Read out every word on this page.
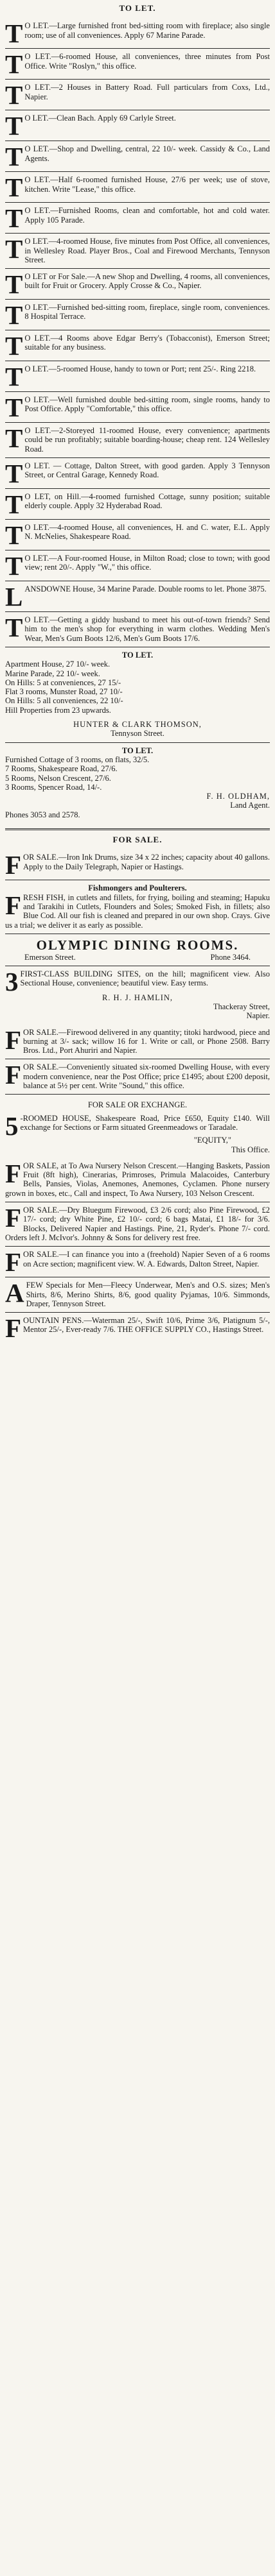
TO LET.
T O LET.—Large furnished front bed-sitting room with fireplace; also single room; use of all conveniences. Apply 67 Marine Parade.
T O LET.—6-roomed House, all conveniences, three minutes from Post Office. Write "Roslyn," this office.
T O LET.—2 Houses in Battery Road. Full particulars from Coxs, Ltd., Napier.
T O LET.—Clean Bach. Apply 69 Carlyle Street.
T O LET.—Shop and Dwelling, central, 22 10/- week. Cassidy & Co., Land Agents.
T O LET.—Half 6-roomed furnished House, 27/6 per week; use of stove, kitchen. Write "Lease," this office.
T O LET.—Furnished Rooms, clean and comfortable, hot and cold water. Apply 105 Parade.
T O LET.—4-roomed House, five minutes from Post Office, all conveniences, in Wellesley Road. Player Bros., Coal and Firewood Merchants, Tennyson Street.
T O LET or For Sale.—A new Shop and Dwelling, 4 rooms, all conveniences, built for Fruit or Grocery. Apply Crosse & Co., Napier.
T O LET.—Furnished bed-sitting room, fireplace, single room, conveniences. 8 Hospital Terrace.
T O LET.—4 Rooms above Edgar Berry's (Tobacconist), Emerson Street; suitable for any business.
T O LET.—5-roomed House, handy to town or Port; rent 25/-. Ring 2218.
T O LET.—Well furnished double bed-sitting room, single rooms, handy to Post Office. Apply "Comfortable," this office.
T O LET.—2-Storeyed 11-roomed House, every convenience; apartments could be run profitably; suitable boarding-house; cheap rent. 124 Wellesley Road.
T O LET. — Cottage, Dalton Street, with good garden. Apply 3 Tennyson Street, or Central Garage, Kennedy Road.
T O LET, on Hill.—4-roomed furnished Cottage, sunny position; suitable elderly couple. Apply 32 Hyderabad Road.
T O LET.—4-roomed House, all conveniences, H. and C. water, E.L. Apply N. McNelies, Shakespeare Road.
T O LET.—A Four-roomed House, in Milton Road; close to town; with good view; rent 20/-. Apply "W.," this office.
LANSDOWNE House, 34 Marine Parade. Double rooms to let. Phone 3875.
T O LET.—Getting a giddy husband to meet his out-of-town friends? Send him to the men's shop for everything in warm clothes. Wedding Men's Wear, Men's Gum Boots 12/6, Men's Gum Boots 17/6.
TO LET.
Apartment House, 27 10/- week.
Marine Parade, 22 10/- week.
On Hills: 5 at conveniences, 27 15/-
Flat 3 rooms, Munster Road, 27 10/-
On Hills: 5 all conveniences, 22 10/-
Hill Properties from 23 upwards.
HUNTER & CLARK THOMSON,
Tennyson Street.
TO LET.
Furnished Cottage of 3 rooms, on flats, 32/5.
7 Rooms, Shakespeare Road, 27/6.
5 Rooms, Nelson Crescent, 27/6.
3 Rooms, Spencer Road, 14/-.
F. H. OLDHAM,
Land Agent.
Phones 3053 and 2578.
FOR SALE.
FOR SALE.—Iron Ink Drums, size 34 x 22 inches; capacity about 40 gallons. Apply to the Daily Telegraph, Napier or Hastings.
Fishmongers and Poulterers.
F RESH FISH, in cutlets and fillets, for frying, boiling and steaming; Hapuku and Tarakihi in Cutlets, Flounders and Soles; Smoked Fish, in fillets; also Blue Cod. All our fish is cleaned and prepared in our own shop. Crays. Give us a trial; we deliver it as early as possible.
OLYMPIC DINING ROOMS.
Emerson Street.	Phone 3464.
3 FIRST-CLASS BUILDING SITES, on the hill; magnificent view. Also Sectional House, convenience; beautiful view. Easy terms.
R. H. J. HAMLIN,
Thackeray Street,
Napier.
FOR SALE.—Firewood delivered in any quantity; titoki hardwood, piece and burning at 3/- sack; willow 16 for 1. Write or call, or Phone 2508. Barry Bros. Ltd., Port Ahuriri and Napier.
FOR SALE.—Conveniently situated six-roomed Dwelling House, with every modern convenience, near the Post Office; price £1495; about £200 deposit, balance at 5½ per cent. Write "Sound," this office.
FOR SALE OR EXCHANGE.
5 -ROOMED HOUSE, Shakespeare Road, Price £650, Equity £140. Will exchange for Sections or Farm situated Greenmeadows or Taradale.
"EQUITY,"
This Office.
FOR SALE, at To Awa Nursery Nelson Crescent.—Hanging Baskets, Passion Fruit (8ft high), Cinerarias, Primroses, Primula Malacoides, Canterbury Bells, Pansies, Violas, Anemones, Anemones, Cyclamen. Phone nursery grown in boxes, etc., Call and inspect, To Awa Nursery, 103 Nelson Crescent.
FOR SALE.—Dry Bluegum Firewood, £3 2/6 cord; also Pine Firewood, £2 17/- cord; dry White Pine, £2 10/- cord; 6 bags Matai, £1 18/- for 3/6. Blocks, Delivered Napier and Hastings. Pine, 21, Ryder's. Phone 7/- cord. Orders left J. McIvor's. Johnny & Sons for delivery rest free.
FOR SALE.—I can finance you into a (freehold) Napier Seven of a 6 rooms on Acre section; magnificent view. W. A. Edwards, Dalton Street, Napier.
AFEW Specials for Men—Fleecy Underwear, Men's and O.S. sizes; Men's Shirts, 8/6, Merino Shirts, 8/6, good quality Pyjamas, 10/6. Simmonds, Draper, Tennyson Street.
FOUNTAIN PENS.—Waterman 25/-, Swift 10/6, Prime 3/6, Platignum 5/-, Mentor 25/-, Ever-ready 7/6. THE OFFICE SUPPLY CO., Hastings Street.
